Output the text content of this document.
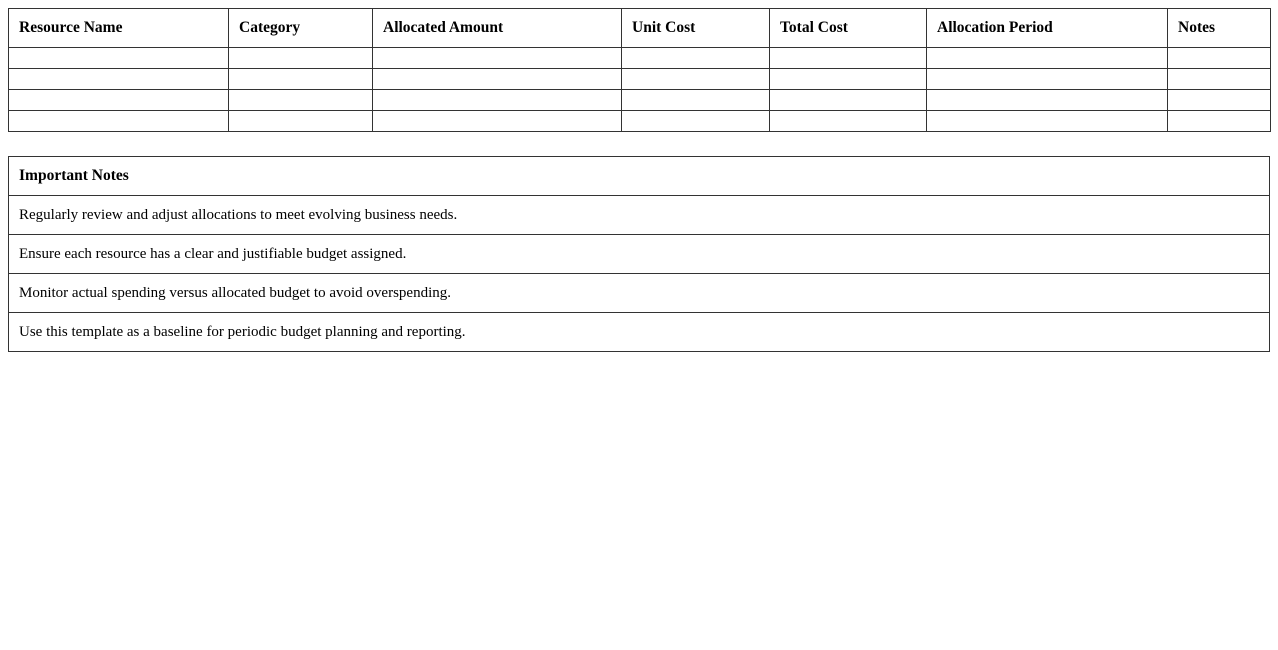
Resource Name	Category	Allocated Amount	Unit Cost	Total Cost	Allocation Period	Notes

Important Notes
Regularly review and adjust allocations to meet evolving business needs.
Ensure each resource has a clear and justifiable budget assigned.
Monitor actual spending versus allocated budget to avoid overspending.
Use this template as a baseline for periodic budget planning and reporting.
